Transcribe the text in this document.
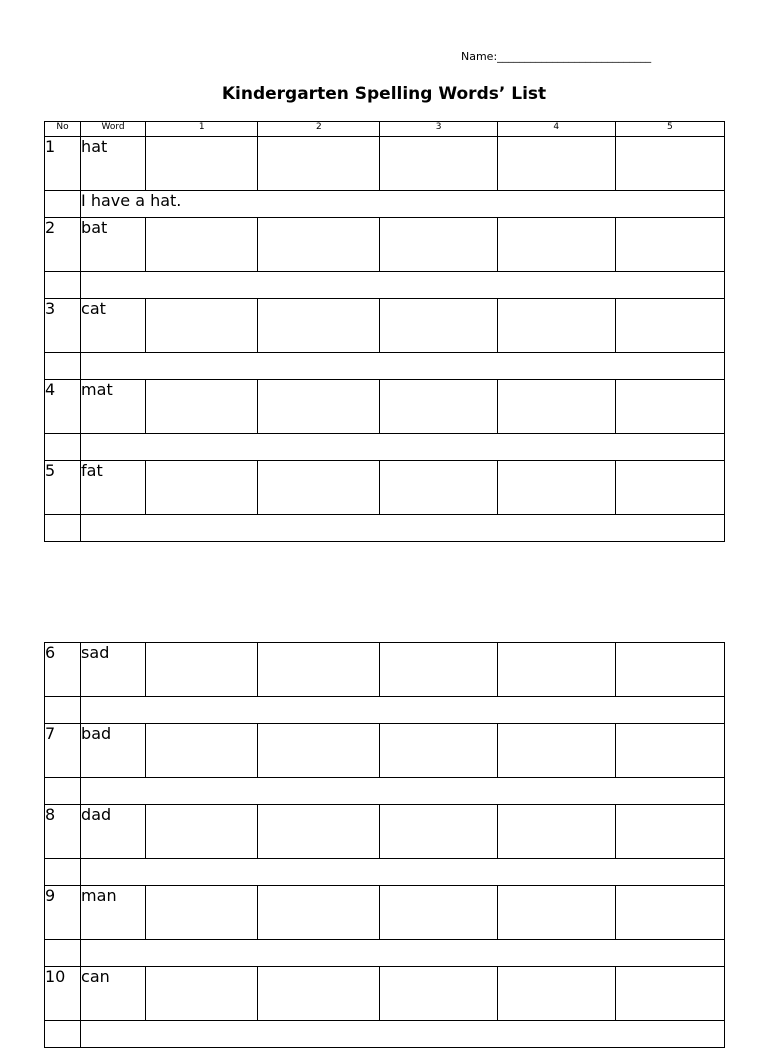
Name:____________________________
Kindergarten Spelling Words’ List
No	Word	1	2	3	4	5
1	hat					
	I have a hat.					
2	bat					

3	cat					

4	mat					

5	fat					

6	sad					

7	bad					

8	dad					

9	man					

10	can					
